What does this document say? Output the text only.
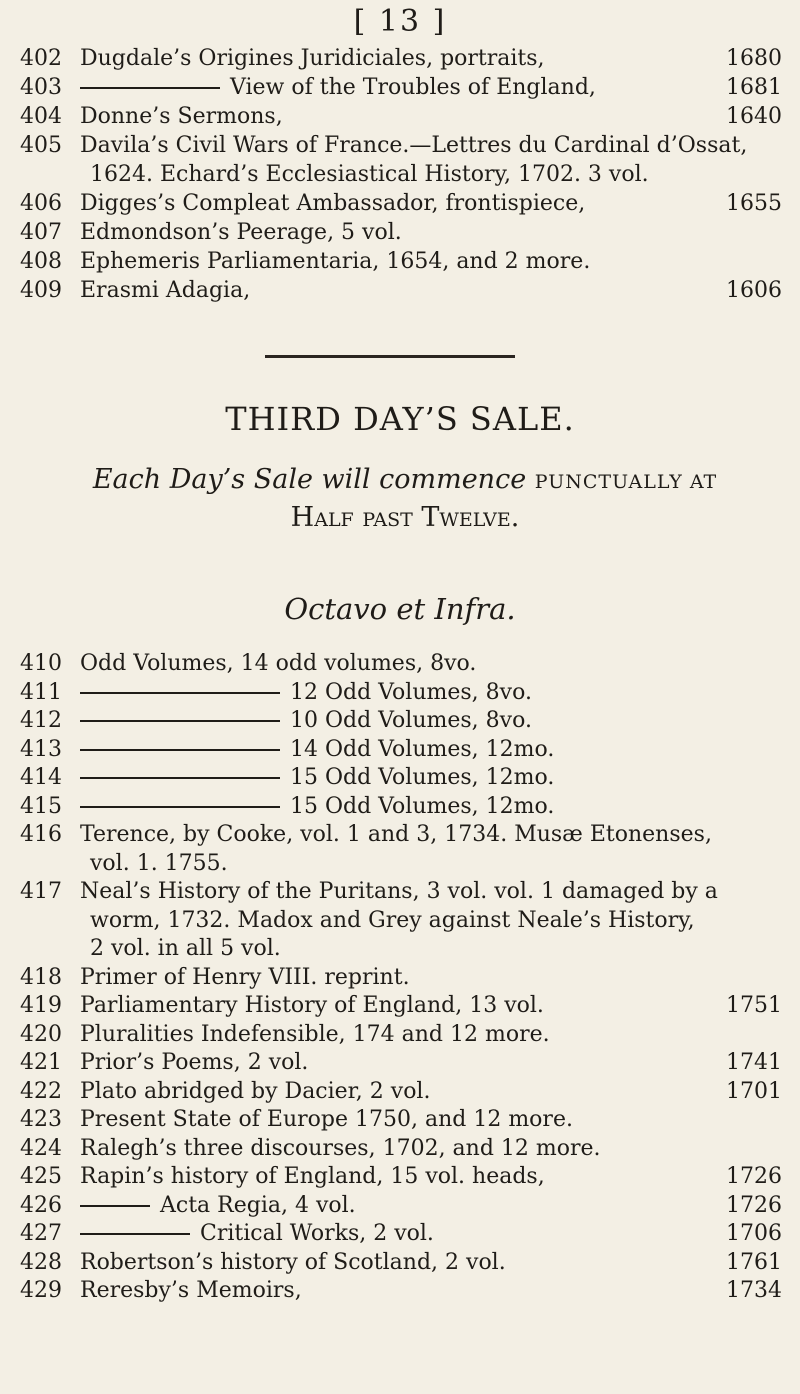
[ 13 ]
402 Dugdale’s Origines Juridiciales, portraits,	1680
403	View of the Troubles of England,	1681
404 Donne’s Sermons,	1640
405 Davila’s Civil Wars of France.—Lettres du Cardinal d’Ossat,
1624. Echard’s Ecclesiastical History, 1702. 3 vol.
406 Digges’s Compleat Ambassador, frontispiece,	1655
407 Edmondson’s Peerage, 5 vol.
408 Ephemeris Parliamentaria, 1654, and 2 more.
409 Erasmi Adagia,	1606
THIRD DAY’S SALE.
Each Day’s Sale will commence PUNCTUALLY AT
Half past Twelve.
Octavo et Infra.
410 Odd Volumes, 14 odd volumes, 8vo.
411	12 Odd Volumes, 8vo.
412	10 Odd Volumes, 8vo.
413	14 Odd Volumes, 12mo.
414	15 Odd Volumes, 12mo.
415	15 Odd Volumes, 12mo.
416 Terence, by Cooke, vol. 1 and 3, 1734. Musæ Etonenses,
vol. 1. 1755.
417 Neal’s History of the Puritans, 3 vol. vol. 1 damaged by a
worm, 1732. Madox and Grey against Neale’s History,
2 vol. in all 5 vol.
418 Primer of Henry VIII. reprint.
419 Parliamentary History of England, 13 vol.	1751
420 Pluralities Indefensible, 174 and 12 more.
421 Prior’s Poems, 2 vol.	1741
422 Plato abridged by Dacier, 2 vol.	1701
423 Present State of Europe 1750, and 12 more.
424 Ralegh’s three discourses, 1702, and 12 more.
425 Rapin’s history of England, 15 vol. heads,	1726
426	Acta Regia, 4 vol.	1726
427	Critical Works, 2 vol.	1706
428 Robertson’s history of Scotland, 2 vol.	1761
429 Reresby’s Memoirs,	1734
